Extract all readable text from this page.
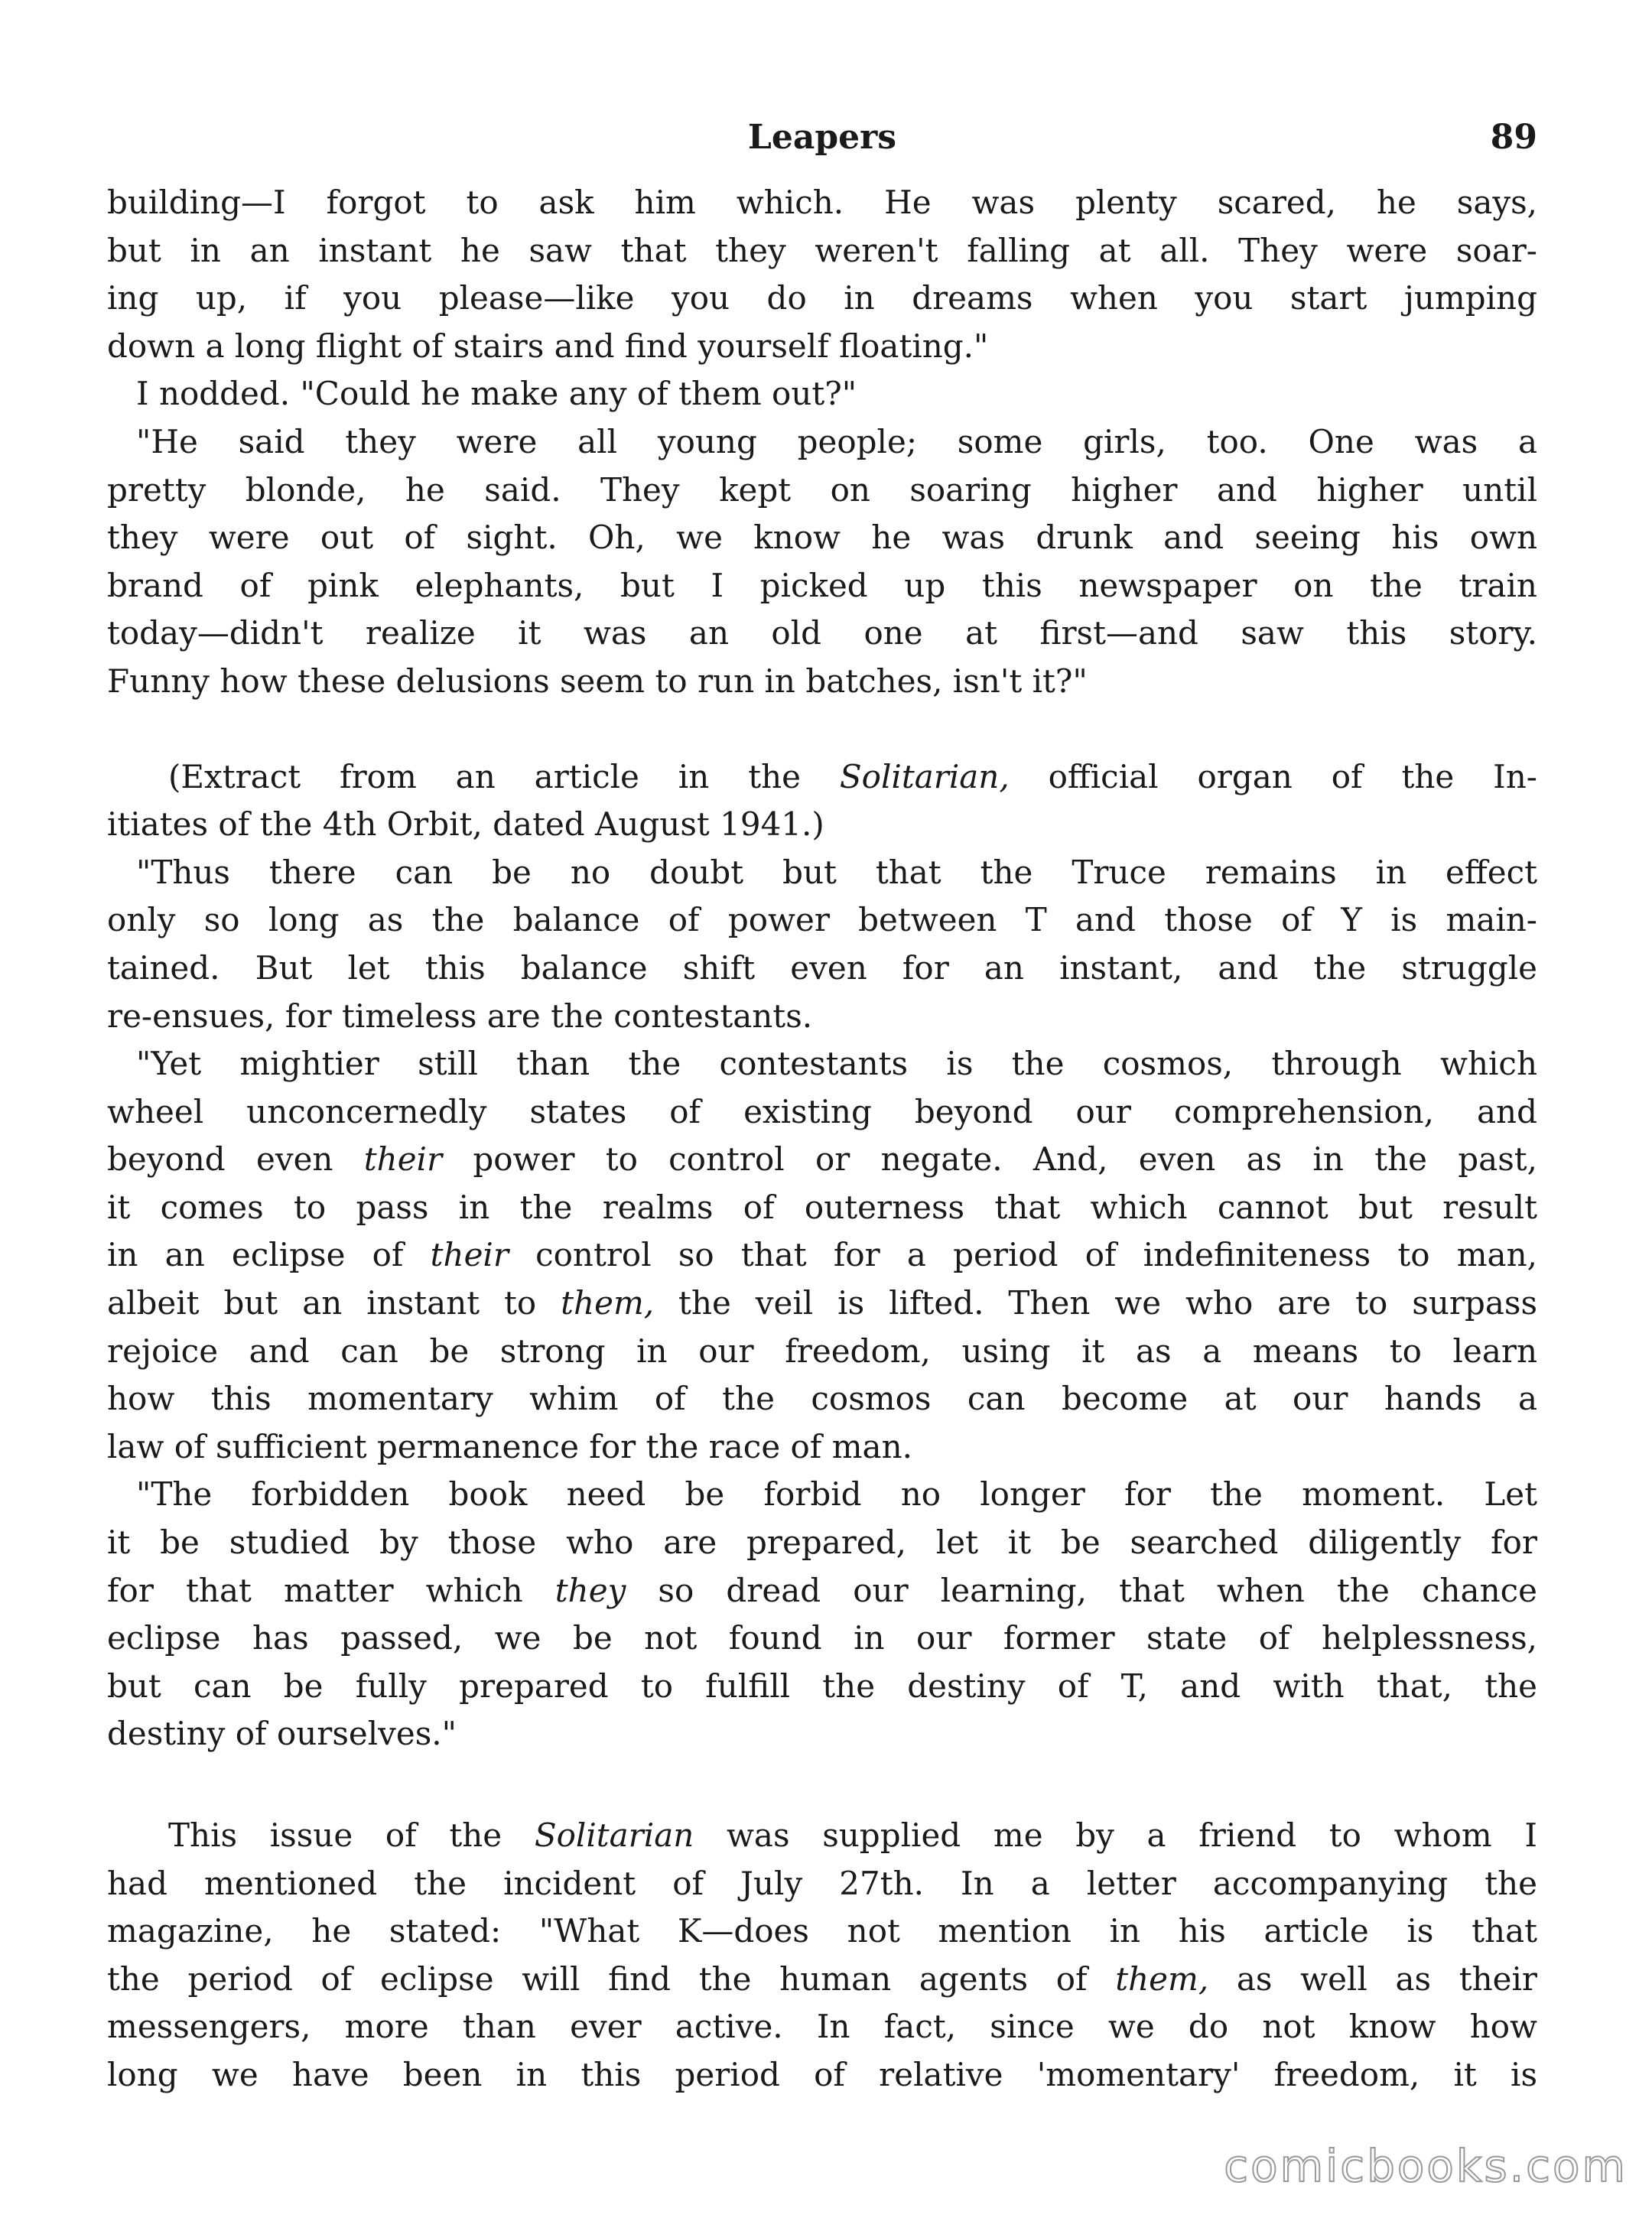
Leapers	89
building—I forgot to ask him which. He was plenty scared, he says,
but in an instant he saw that they weren't falling at all. They were soar-
ing up, if you please—like you do in dreams when you start jumping
down a long flight of stairs and find yourself floating."
I nodded. "Could he make any of them out?"
"He said they were all young people; some girls, too. One was a
pretty blonde, he said. They kept on soaring higher and higher until
they were out of sight. Oh, we know he was drunk and seeing his own
brand of pink elephants, but I picked up this newspaper on the train
today—didn't realize it was an old one at first—and saw this story.
Funny how these delusions seem to run in batches, isn't it?"
(Extract from an article in the Solitarian, official organ of the In-
itiates of the 4th Orbit, dated August 1941.)
"Thus there can be no doubt but that the Truce remains in effect
only so long as the balance of power between T and those of Y is main-
tained. But let this balance shift even for an instant, and the struggle
re-ensues, for timeless are the contestants.
"Yet mightier still than the contestants is the cosmos, through which
wheel unconcernedly states of existing beyond our comprehension, and
beyond even their power to control or negate. And, even as in the past,
it comes to pass in the realms of outerness that which cannot but result
in an eclipse of their control so that for a period of indefiniteness to man,
albeit but an instant to them, the veil is lifted. Then we who are to surpass
rejoice and can be strong in our freedom, using it as a means to learn
how this momentary whim of the cosmos can become at our hands a
law of sufficient permanence for the race of man.
"The forbidden book need be forbid no longer for the moment. Let
it be studied by those who are prepared, let it be searched diligently for
for that matter which they so dread our learning, that when the chance
eclipse has passed, we be not found in our former state of helplessness,
but can be fully prepared to fulfill the destiny of T, and with that, the
destiny of ourselves."
This issue of the Solitarian was supplied me by a friend to whom I
had mentioned the incident of July 27th. In a letter accompanying the
magazine, he stated: "What K—does not mention in his article is that
the period of eclipse will find the human agents of them, as well as their
messengers, more than ever active. In fact, since we do not know how
long we have been in this period of relative 'momentary' freedom, it is
comicbooks.com
